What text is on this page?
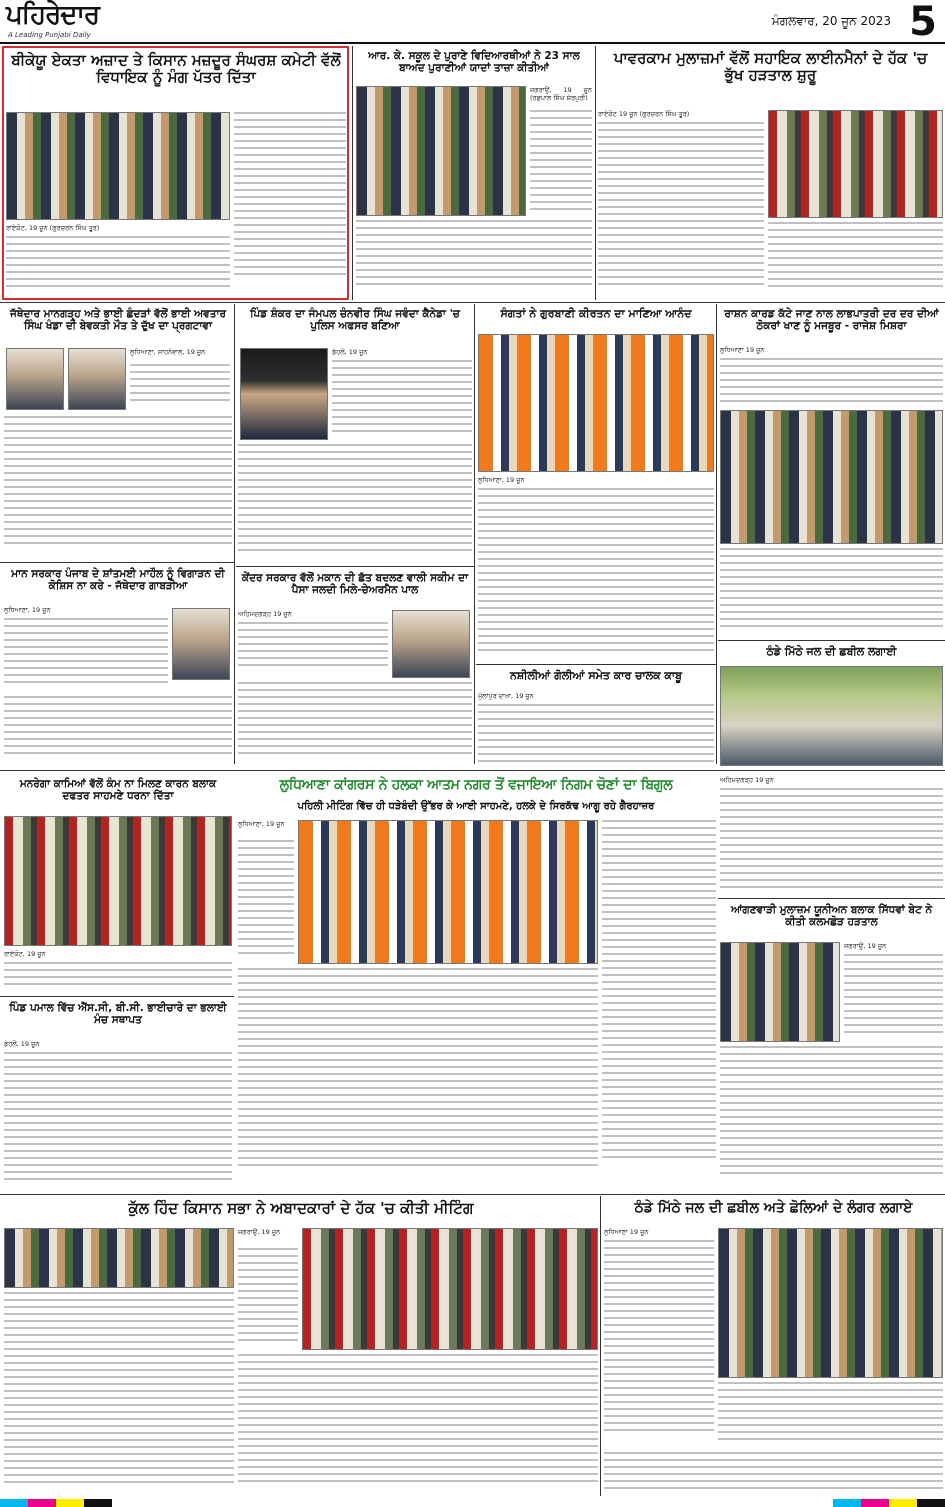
ਪਹਿਰੇਦਾਰ
A Leading Punjabi Daily
ਮੰਗਲਵਾਰ, 20 ਜੂਨ 2023 5
ਬੀਕੇਯੂ ਏਕਤਾ ਅਜ਼ਾਦ ਤੇ ਕਿਸਾਨ ਮਜ਼ਦੂਰ ਸੰਘਰਸ਼ ਕਮੇਟੀ ਵੱਲੋਂ ਵਿਧਾਇਕ ਨੂੰ ਮੰਗ ਪੱਤਰ ਦਿੱਤਾ
ਰਾਏਕੋਟ, 19 ਜੂਨ (ਗੁਰਚਰਨ ਸਿੰਘ ਤੂਰ)
ਆਰ. ਕੇ. ਸਕੂਲ ਦੇ ਪੁਰਾਣੇ ਵਿਦਿਆਰਥੀਆਂ ਨੇ 23 ਸਾਲ ਬਾਅਦ ਪੁਰਾਣੀਆਂ ਯਾਦਾਂ ਤਾਜ਼ਾ ਕੀਤੀਆਂ
ਜਗਰਾਉਂ, 19 ਜੂਨ (ਰਛਪਾਲ ਸਿੰਘ ਸ਼ੇਰਪੁਰੀ)
ਪਾਵਰਕਾਮ ਮੁਲਾਜ਼ਮਾਂ ਵੱਲੋਂ ਸਹਾਇਕ ਲਾਈਨਮੈਨਾਂ ਦੇ ਹੱਕ 'ਚ ਭੁੱਖ ਹੜਤਾਲ ਸ਼ੁਰੂ
ਰਾਏਕੋਟ 19 ਜੂਨ (ਗੁਰਚਰਨ ਸਿੰਘ ਤੂਰ)
ਜੱਥੇਦਾਰ ਮਾਨਗੜ੍ਹ ਅਤੇ ਭਾਈ ਛੰਦੜਾਂ ਵੱਲੋਂ ਭਾਈ ਅਵਤਾਰ ਸਿੰਘ ਖੰਡਾ ਦੀ ਬੇਵਕਤੀ ਮੌਤ ਤੇ ਦੁੱਖ ਦਾ ਪ੍ਰਗਟਾਵਾ
ਲੁਧਿਆਣਾ, ਸਾਹਨੇਵਾਲ, 19 ਜੂਨ
ਪਿੰਡ ਸ਼ੰਕਰ ਦਾ ਜੰਮਪਲ ਚੰਨਵੀਰ ਸਿੰਘ ਜਵੰਦਾ ਕੈਨੇਡਾ 'ਚ ਪੁਲਿਸ ਅਫਸਰ ਬਣਿਆ
ਡੇਹਲੋਂ, 19 ਜੂਨ
ਸੰਗਤਾਂ ਨੇ ਗੁਰਬਾਣੀ ਕੀਰਤਨ ਦਾ ਮਾਣਿਆ ਆਨੰਦ
ਲੁਧਿਆਣਾ, 19 ਜੂਨ
ਰਾਸ਼ਨ ਕਾਰਡ ਕੱਟੇ ਜਾਣ ਨਾਲ ਲਾਭਪਾਤਰੀ ਦਰ ਦਰ ਦੀਆਂ ਠੋਕਰਾਂ ਖਾਣ ਨੂੰ ਮਜਬੂਰ - ਰਾਜੇਸ਼ ਮਿਸ਼ਰਾ
ਲੁਧਿਆਣਾ 19 ਜੂਨ
ਮਾਨ ਸਰਕਾਰ ਪੰਜਾਬ ਦੇ ਸ਼ਾਂਤਮਈ ਮਾਹੌਲ ਨੂੰ ਵਿਗਾੜਨ ਦੀ ਕੋਸ਼ਿਸ ਨਾ ਕਰੇ - ਜੱਥੇਦਾਰ ਗਾਬੜੀਆ
ਲੁਧਿਆਣਾ, 19 ਜੂਨ
ਕੇਂਦਰ ਸਰਕਾਰ ਵੱਲੋਂ ਮਕਾਨ ਦੀ ਛੱਤ ਬਦਲਣ ਵਾਲੀ ਸਕੀਮ ਦਾ ਪੈਸਾ ਜਲਦੀ ਮਿਲੇ-ਚੇਅਰਮੈਨ ਪਾਲ
ਅਹਿਮਦਗੜ੍ਹ 19 ਜੂਨ
ਨਸ਼ੀਲੀਆਂ ਗੋਲੀਆਂ ਸਮੇਤ ਕਾਰ ਚਾਲਕ ਕਾਬੂ
ਮੁੱਲਾਂਪੁਰ ਦਾਖਾ, 19 ਜੂਨ
ਠੰਡੇ ਮਿੱਠੇ ਜਲ ਦੀ ਛਬੀਲ ਲਗਾਈ
ਲੁਧਿਆਣਾ ਕਾਂਗਰਸ ਨੇ ਹਲਕਾ ਆਤਮ ਨਗਰ ਤੋਂ ਵਜਾਇਆ ਨਿਗਮ ਚੋਣਾਂ ਦਾ ਬਿਗੁਲ
ਪਹਿਲੀ ਮੀਟਿੰਗ ਵਿੱਚ ਹੀ ਧੜੇਬੰਦੀ ਉੱਭਰ ਕੇ ਆਈ ਸਾਹਮਣੇ, ਹਲਕੇ ਦੇ ਸਿਰਕੱਢ ਆਗੂ ਰਹੇ ਗੈਰਹਾਜ਼ਰ
ਮਨਰੇਗਾ ਕਾਮਿਆਂ ਵੱਲੋਂ ਕੰਮ ਨਾ ਮਿਲਣ ਕਾਰਨ ਬਲਾਕ ਦਫਤਰ ਸਾਹਮਣੇ ਧਰਨਾ ਦਿੱਤਾ
ਰਾਏਕੋਟ, 19 ਜੂਨ
ਲੁਧਿਆਣਾ, 19 ਜੂਨ
ਅਹਿਮਦਗੜ੍ਹ 19 ਜੂਨ
ਆਂਗਣਵਾੜੀ ਮੁਲਾਜ਼ਮ ਯੂਨੀਅਨ ਬਲਾਕ ਸਿੱਧਵਾਂ ਬੇਟ ਨੇ ਕੀਤੀ ਕਲਮਛੋੜ ਹੜਤਾਲ
ਜਗਰਾਉਂ, 19 ਜੂਨ
ਪਿੰਡ ਪਮਾਲ ਵਿੱਚ ਐੱਸ.ਸੀ, ਬੀ.ਸੀ. ਭਾਈਚਾਰੇ ਦਾ ਭਲਾਈ ਮੰਚ ਸਥਾਪਤ
ਡੇਹਲੋਂ, 19 ਜੂਨ
ਕੁੱਲ ਹਿੰਦ ਕਿਸਾਨ ਸਭਾ ਨੇ ਅਬਾਦਕਾਰਾਂ ਦੇ ਹੱਕ 'ਚ ਕੀਤੀ ਮੀਟਿੰਗ
ਜਗਰਾਉਂ, 19 ਜੂਨ
ਠੰਡੇ ਮਿੱਠੇ ਜਲ ਦੀ ਛਬੀਲ ਅਤੇ ਛੋਲਿਆਂ ਦੇ ਲੰਗਰ ਲਗਾਏ
ਲੁਧਿਆਣਾ 19 ਜੂਨ
